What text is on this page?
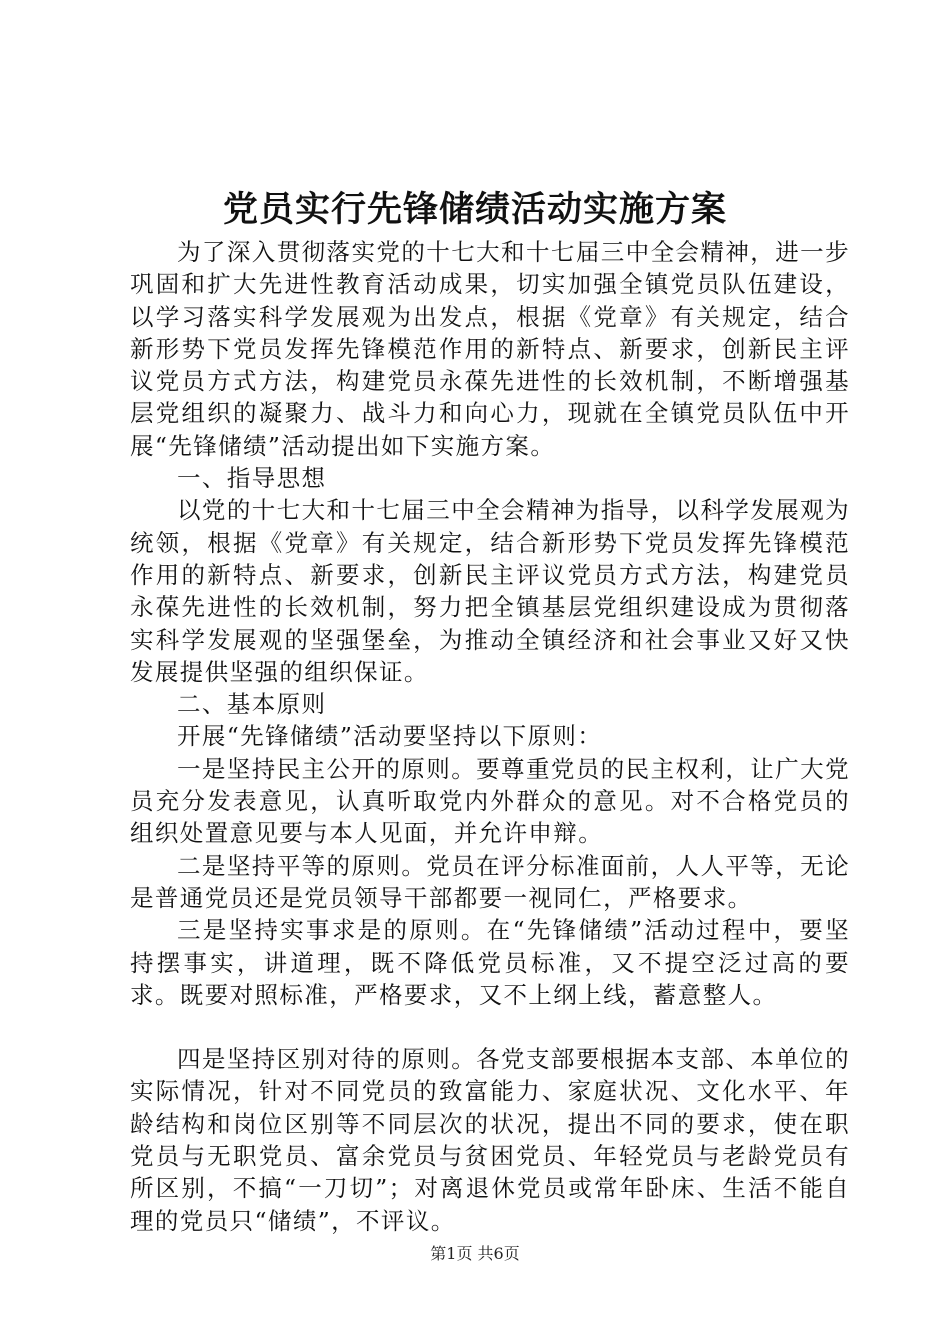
党员实行先锋储绩活动实施方案

为了深入贯彻落实党的十七大和十七届三中全会精神，进一步巩固和扩大先进性教育活动成果，切实加强全镇党员队伍建设，以学习落实科学发展观为出发点，根据《党章》有关规定，结合新形势下党员发挥先锋模范作用的新特点、新要求，创新民主评议党员方式方法，构建党员永葆先进性的长效机制，不断增强基层党组织的凝聚力、战斗力和向心力，现就在全镇党员队伍中开展“先锋储绩”活动提出如下实施方案。

一、指导思想

以党的十七大和十七届三中全会精神为指导，以科学发展观为统领，根据《党章》有关规定，结合新形势下党员发挥先锋模范作用的新特点、新要求，创新民主评议党员方式方法，构建党员永葆先进性的长效机制，努力把全镇基层党组织建设成为贯彻落实科学发展观的坚强堡垒，为推动全镇经济和社会事业又好又快发展提供坚强的组织保证。

二、基本原则

开展“先锋储绩”活动要坚持以下原则：

一是坚持民主公开的原则。要尊重党员的民主权利，让广大党员充分发表意见，认真听取党内外群众的意见。对不合格党员的组织处置意见要与本人见面，并允许申辩。

二是坚持平等的原则。党员在评分标准面前，人人平等，无论是普通党员还是党员领导干部都要一视同仁，严格要求。

三是坚持实事求是的原则。在“先锋储绩”活动过程中，要坚持摆事实，讲道理，既不降低党员标准，又不提空泛过高的要求。既要对照标准，严格要求，又不上纲上线，蓄意整人。

四是坚持区别对待的原则。各党支部要根据本支部、本单位的实际情况，针对不同党员的致富能力、家庭状况、文化水平、年龄结构和岗位区别等不同层次的状况，提出不同的要求，使在职党员与无职党员、富余党员与贫困党员、年轻党员与老龄党员有所区别，不搞“一刀切”；对离退休党员或常年卧床、生活不能自理的党员只“储绩”，不评议。

第1页 共6页
